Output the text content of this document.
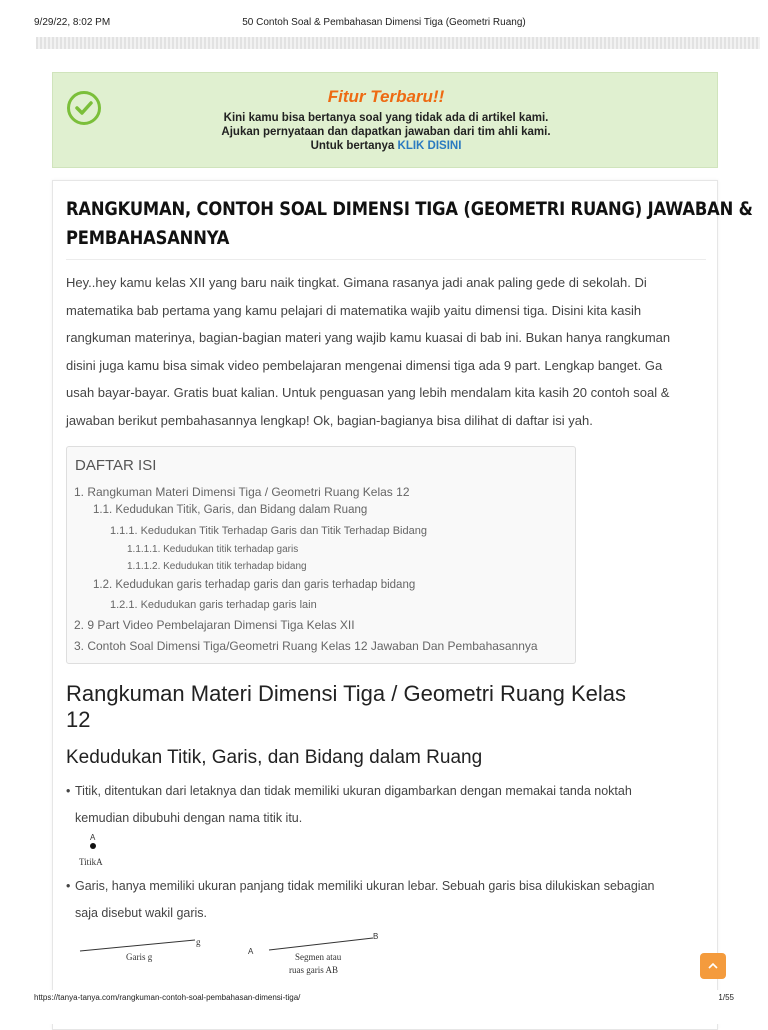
9/29/22, 8:02 PM	50 Contoh Soal & Pembahasan Dimensi Tiga (Geometri Ruang)
Fitur Terbaru!!
Kini kamu bisa bertanya soal yang tidak ada di artikel kami.
Ajukan pernyataan dan dapatkan jawaban dari tim ahli kami.
Untuk bertanya KLIK DISINI
RANGKUMAN, CONTOH SOAL DIMENSI TIGA (GEOMETRI RUANG) JAWABAN &
PEMBAHASANNYA

Hey..hey kamu kelas XII yang baru naik tingkat. Gimana rasanya jadi anak paling gede di sekolah. Di

matematika bab pertama yang kamu pelajari di matematika wajib yaitu dimensi tiga. Disini kita kasih

rangkuman materinya, bagian-bagian materi yang wajib kamu kuasai di bab ini. Bukan hanya rangkuman

disini juga kamu bisa simak video pembelajaran mengenai dimensi tiga ada 9 part. Lengkap banget. Ga

usah bayar-bayar. Gratis buat kalian. Untuk penguasan yang lebih mendalam kita kasih 20 contoh soal &

jawaban berikut pembahasannya lengkap! Ok, bagian-bagianya bisa dilihat di daftar isi yah.

DAFTAR ISI
1. Rangkuman Materi Dimensi Tiga / Geometri Ruang Kelas 12
1.1. Kedudukan Titik, Garis, dan Bidang dalam Ruang
1.1.1. Kedudukan Titik Terhadap Garis dan Titik Terhadap Bidang
1.1.1.1. Kedudukan titik terhadap garis
1.1.1.2. Kedudukan titik terhadap bidang
1.2. Kedudukan garis terhadap garis dan garis terhadap bidang
1.2.1. Kedudukan garis terhadap garis lain
2. 9 Part Video Pembelajaran Dimensi Tiga Kelas XII
3. Contoh Soal Dimensi Tiga/Geometri Ruang Kelas 12 Jawaban Dan Pembahasannya
Rangkuman Materi Dimensi Tiga / Geometri Ruang Kelas
12
Kedudukan Titik, Garis, dan Bidang dalam Ruang
• Titik, ditentukan dari letaknya dan tidak memiliki ukuran digambarkan dengan memakai tanda noktah
kemudian dibubuhi dengan nama titik itu.
A
TitikA
• Garis, hanya memiliki ukuran panjang tidak memiliki ukuran lebar. Sebuah garis bisa dilukiskan sebagian
saja disebut wakil garis.
g
Garis g
A
B
Segmen atau
ruas garis AB
https://tanya-tanya.com/rangkuman-contoh-soal-pembahasan-dimensi-tiga/	1/55
